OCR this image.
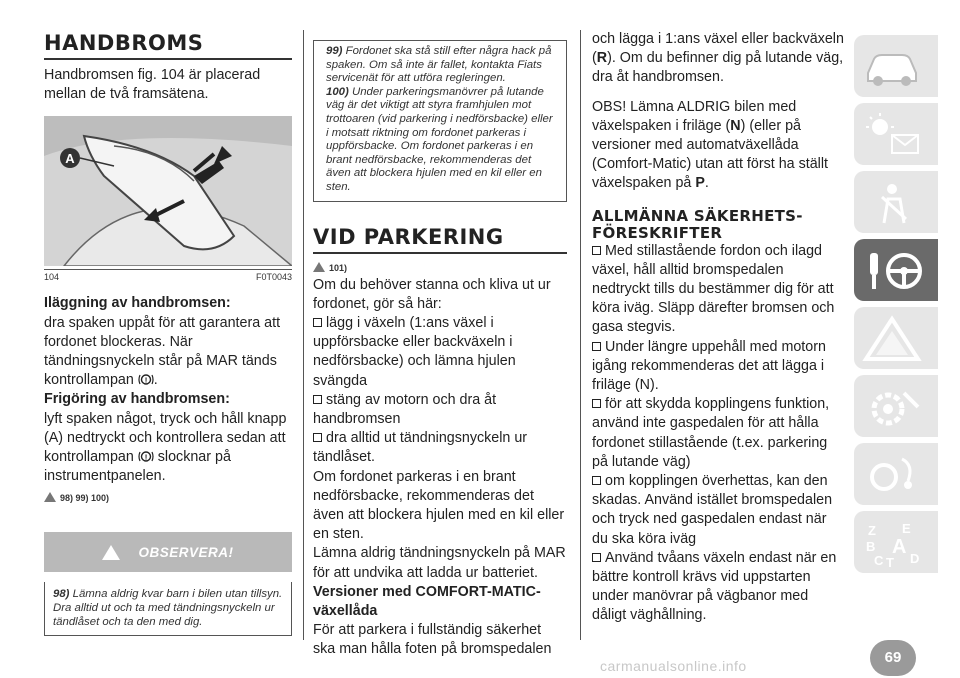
HANDBROMS
Handbromsen fig. 104 är placerad mellan de två framsätena.
A
104	F0T0043
Iläggning av handbromsen:
dra spaken uppåt för att garantera att fordonet blockeras. När tändningsnyckeln står på MAR tänds kontrollampan ! .
Frigöring av handbromsen:
lyft spaken något, tryck och håll knapp (A) nedtryckt och kontrollera sedan att kontrollampan ! slocknar på instrumentpanelen.
98) 99) 100)
OBSERVERA!
98) Lämna aldrig kvar barn i bilen utan tillsyn. Dra alltid ut och ta med tändningsnyckeln ur tändlåset och ta den med dig.
99) Fordonet ska stå still efter några hack på spaken. Om så inte är fallet, kontakta Fiats servicenät för att utföra regleringen.
100) Under parkeringsmanövrer på lutande väg är det viktigt att styra framhjulen mot trottoaren (vid parkering i nedförsbacke) eller i motsatt riktning om fordonet parkeras i uppförsbacke. Om fordonet parkeras i en brant nedförsbacke, rekommenderas det även att blockera hjulen med en kil eller en sten.
VID PARKERING
101)
Om du behöver stanna och kliva ut ur fordonet, gör så här:
lägg i växeln (1:ans växel i uppförsbacke eller backväxeln i nedförsbacke) och lämna hjulen svängda
stäng av motorn och dra åt handbromsen
dra alltid ut tändningsnyckeln ur tändlåset.
Om fordonet parkeras i en brant nedförsbacke, rekommenderas det även att blockera hjulen med en kil eller en sten.
Lämna aldrig tändningsnyckeln på MAR för att undvika att ladda ur batteriet.
Versioner med COMFORT-MATIC-växellåda
För att parkera i fullständig säkerhet ska man hålla foten på bromspedalen
och lägga i 1:ans växel eller backväxeln (R). Om du befinner dig på lutande väg, dra åt handbromsen.
OBS! Lämna ALDRIG bilen med växelspaken i friläge (N) (eller på versioner med automatväxellåda (Comfort-Matic) utan att först ha ställt växelspaken på P.
ALLMÄNNA SÄKERHETS-FÖRESKRIFTER
Med stillastående fordon och ilagd växel, håll alltid bromspedalen nedtryckt tills du bestämmer dig för att köra iväg. Släpp därefter bromsen och gasa stegvis.
Under längre uppehåll med motorn igång rekommenderas det att lägga i friläge (N).
för att skydda kopplingens funktion, använd inte gaspedalen för att hålla fordonet stillastående (t.ex. parkering på lutande väg)
om kopplingen överhettas, kan den skadas. Använd istället bromspedalen och tryck ned gaspedalen endast när du ska köra iväg
Använd tvåans växeln endast när en bättre kontroll krävs vid uppstarten under manövrar på vägbanor med dåligt väghållning.
Z E
B A
C T D
69
carmanualsonline.info
